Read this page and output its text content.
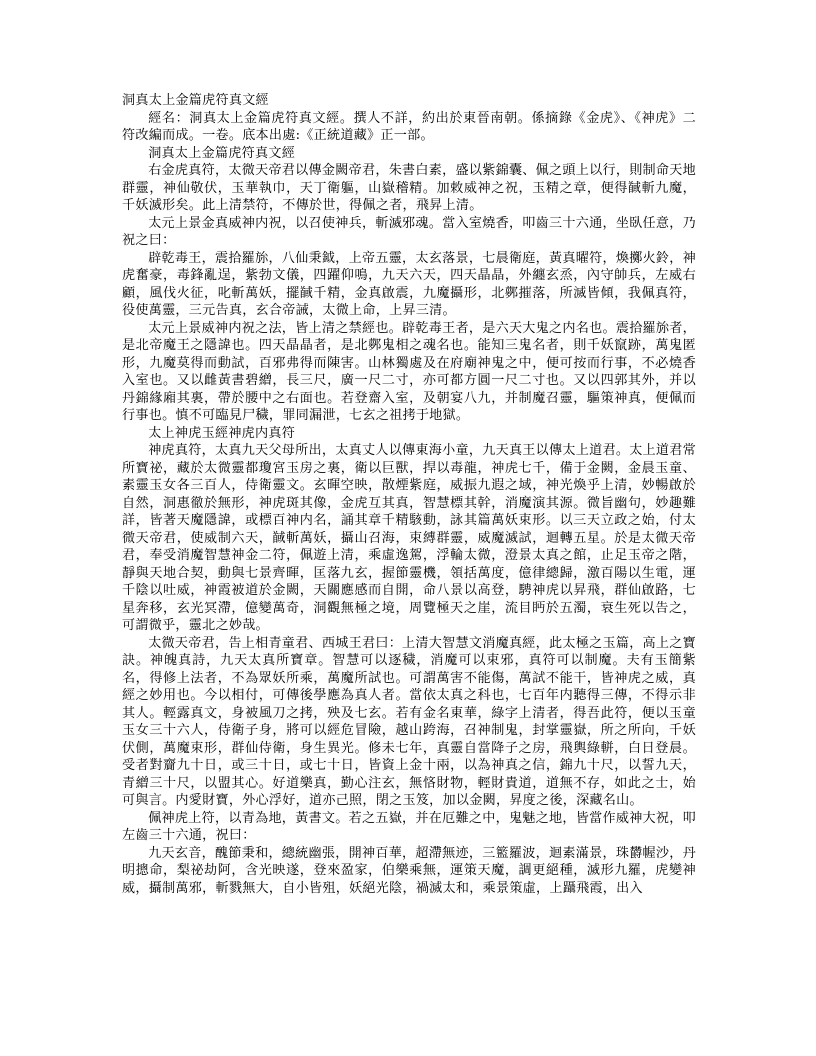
洞真太上金篇虎符真文經

經名：洞真太上金篇虎符真文經。撰人不詳，約出於東晉南朝。係摘錄《金虎》、《神虎》二符改編而成。一卷。底本出處:《正統道藏》正一部。

洞真太上金篇虎符真文經

右金虎真符，太微天帝君以傳金闕帝君，朱書白素，盛以紫錦囊、佩之頭上以行，則制命天地群靈，神仙敬伏，玉華執巾，天丁衛軀，山嶽稽精。加敕威神之祝，玉精之章，便得馘斬九魔，千妖滅形矣。此上清禁符，不傳於世，得佩之者，飛昇上清。

太元上景金真威神内祝，以召使神兵，斬滅邪魂。當入室燒香，叩齒三十六通，坐臥任意，乃祝之曰：

辟乾毒王，震拾羅旀，八仙秉鉞，上帝五靈，太玄落景，七晨衛庭，黃真曜符，煥擲火鈴，神虎奮豪，毒鋒亂逞，紫勃文儀，四躍仰鳴，九天六天，四天晶晶，外纏玄烝，內守帥兵，左威右顧，風伐火征，叱斬萬妖，擺馘千精，金真啟震，九魔攝形，北鄸摧落，所滅皆傾，我佩真符，役使萬靈，三元告真，玄合帝誡，太微上命，上昇三清。

太元上景威神内祝之法，皆上清之禁經也。辟乾毒王者，是六天大鬼之内名也。震拾羅旀者，是北帝魔王之隱諱也。四天晶晶者，是北鄸鬼相之魂名也。能知三鬼名者，則千妖竄跡，萬鬼匿形，九魔莫得而動試，百邪弗得而陳害。山林獨處及在府廟神鬼之中，便可按而行事，不必燒香入室也。又以雌黃書碧繒，長三尺，廣一尺二寸，亦可都方圓一尺二寸也。又以四郭其外，并以丹錦緣廂其裏，帶於腰中之右面也。若登齋入室，及朝宴八九，并制魔召靈，驅策神真，便佩而行事也。慎不可臨見尸穢，罪同漏泄，七玄之祖拷于地獄。

太上神虎玉經神虎内真符

神虎真符，太真九天父母所出，太真丈人以傳東海小童，九天真王以傳太上道君。太上道君常所寶祕，藏於太微靈都瓊宮玉房之裏，衛以巨獸，捍以毒龍，神虎七千，備于金闕，金晨玉童、素靈玉女各三百人，侍衛靈文。玄暉空映，散煙紫庭，威振九遐之域，神光煥乎上清，妙暢啟於自然，洞惠徹於無形，神虎斑其像，金虎互其真，智慧標其幹，消魔演其源。微旨幽句，妙趣難詳，皆著天魔隱諱，或標百神内名，誦其章千精駭動，詠其篇萬妖束形。以三天立政之始，付太微天帝君，使威制六天，馘斬萬妖，攝山召海，束縛群靈，威魔滅試，迴轉五星。於是太微天帝君，奉受消魔智慧神金二符，佩遊上清，乘虛逸駕，浮輪太微，澄景太真之館，止足玉帝之階，靜與天地合契，動與七景齊暉，匡落九玄，握節靈機，領括萬度，億律總歸，激百陽以生電，運千陰以吐威，神霞被道於金闕，天關應感而自開，命八景以高登，騁神虎以昇飛，群仙啟路，七星奔移，玄光冥滯，億變萬奇，洞觀無極之境，周覽極天之崖，流目眄於五濁，衰生死以告之，可謂微乎，靈北之妙哉。

太微天帝君，告上相青童君、西城王君曰：上清大智慧文消魔真經，此太極之玉篇，高上之寶訣。神魄真詩，九天太真所寶章。智慧可以逐穢，消魔可以束邪，真符可以制魔。夫有玉簡紫名，得修上法者，不為眾妖所乘，萬魔所試也。可謂萬害不能傷，萬試不能干，皆神虎之威，真經之妙用也。今以相付，可傳後學應為真人者。當依太真之科也，七百年内聽得三傳，不得示非其人。輕露真文，身被風刀之拷，殃及七玄。若有金名東華，綠字上清者，得吾此符，便以玉童玉女三十六人，侍衛子身，將可以經危冒險，越山跨海，召神制鬼，封掌靈嶽，所之所向，千妖伏側，萬魔束形，群仙侍衛，身生異光。修未七年，真靈自當降子之房，飛輿綠軿，白日登晨。受者對齎九十日，或三十日，或七十日，皆資上金十兩，以為神真之信，錦九十尺，以誓九天，青繒三十尺，以盟其心。好道樂真，勤心注玄，無悋財物，輕財貴道，道無不存，如此之士，始可與言。内愛財寶，外心浮好，道亦己照，閉之玉笈，加以金闕，昇度之後，深藏名山。

佩神虎上符，以青為地，黃書文。若之五嶽，并在厄難之中，鬼魅之地，皆當作威神大祝，叩左齒三十六通，祝曰：

九天玄音，醜節秉和，總統幽張，開神百華，超滯無迹，三籃羅波，迴素滿景，珠欝幄沙，丹明摠命，梨祕劫阿，含光映遂，登來盈家，伯樂乘無，運策天魔，調更絕種，滅形九羅，虎變神威，攝制萬邪，斬戮無大，自小皆殂，妖絕光陰，禍滅太和，乘景策虛，上躡飛霞，出入
